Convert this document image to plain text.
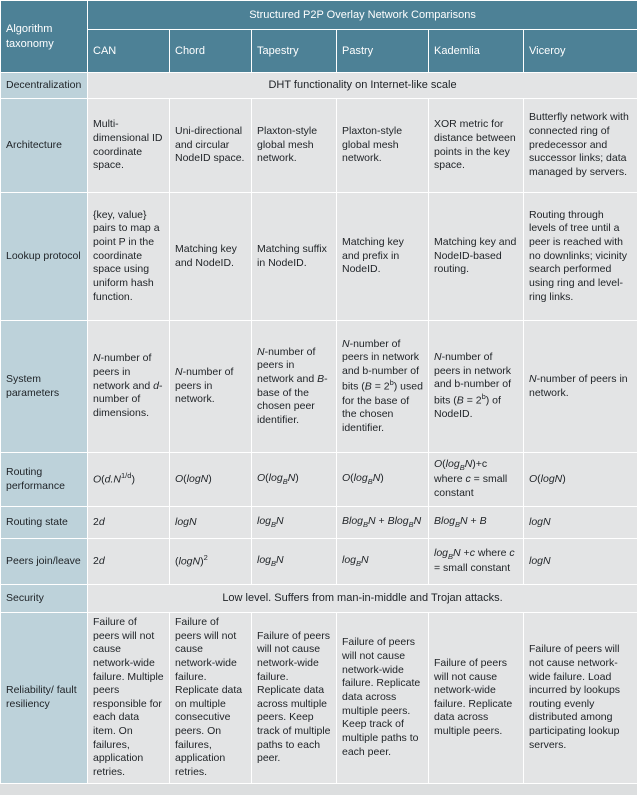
Algorithm taxonomy	Structured P2P Overlay Network Comparisons					
	CAN	Chord	Tapestry	Pastry	Kademlia	Viceroy
Decentralization	DHT functionality on Internet-like scale					
Architecture	Multi-dimensional ID coordinate space.	Uni-directional and circular NodeID space.	Plaxton-style global mesh network.	Plaxton-style global mesh network.	XOR metric for distance between points in the key space.	Butterfly network with connected ring of predecessor and successor links; data managed by servers.
Lookup protocol	{key, value} pairs to map a point P in the coordinate space using uniform hash function.	Matching key and NodeID.	Matching suffix in NodeID.	Matching key and prefix in NodeID.	Matching key and NodeID-based routing.	Routing through levels of tree until a peer is reached with no downlinks; vicinity search performed using ring and level-ring links.
System parameters	N-number of peers in network and d-number of dimensions.	N-number of peers in network.	N-number of peers in network and B-base of the chosen peer identifier.	N-number of peers in network and b-number of bits $(B = 2^b)$ used for the base of the chosen identifier.	N-number of peers in network and b-number of bits $(B = 2^b)$ of NodeID.	N-number of peers in network.
Routing performance	$O(d.N^{1/d})$	O(logN)	$O(\log_BN)$	$O(\log_BN)$	$O(\log_BN)+c$ where c = small constant	O(logN)
Routing state	2d	logN	$\log_BN$	Blog$_B$N + Blog$_B$N	Blog$_B$N + B	logN
Peers join/leave	2d	$(\log N)^2$	$\log_BN$	$\log_BN$	$\log_BN +c$ where c = small constant	logN
Security	Low level. Suffers from man-in-middle and Trojan attacks.					
Reliability/ fault resiliency	Failure of peers will not cause network-wide failure. Multiple peers responsible for each data item. On failures, application retries.	Failure of peers will not cause network-wide failure. Replicate data on multiple consecutive peers. On failures, application retries.	Failure of peers will not cause network-wide failure. Replicate data across multiple peers. Keep track of multiple paths to each peer.	Failure of peers will not cause network-wide failure. Replicate data across multiple peers. Keep track of multiple paths to each peer.	Failure of peers will not cause network-wide failure. Replicate data across multiple peers.	Failure of peers will not cause network-wide failure. Load incurred by lookups routing evenly distributed among participating lookup servers.
